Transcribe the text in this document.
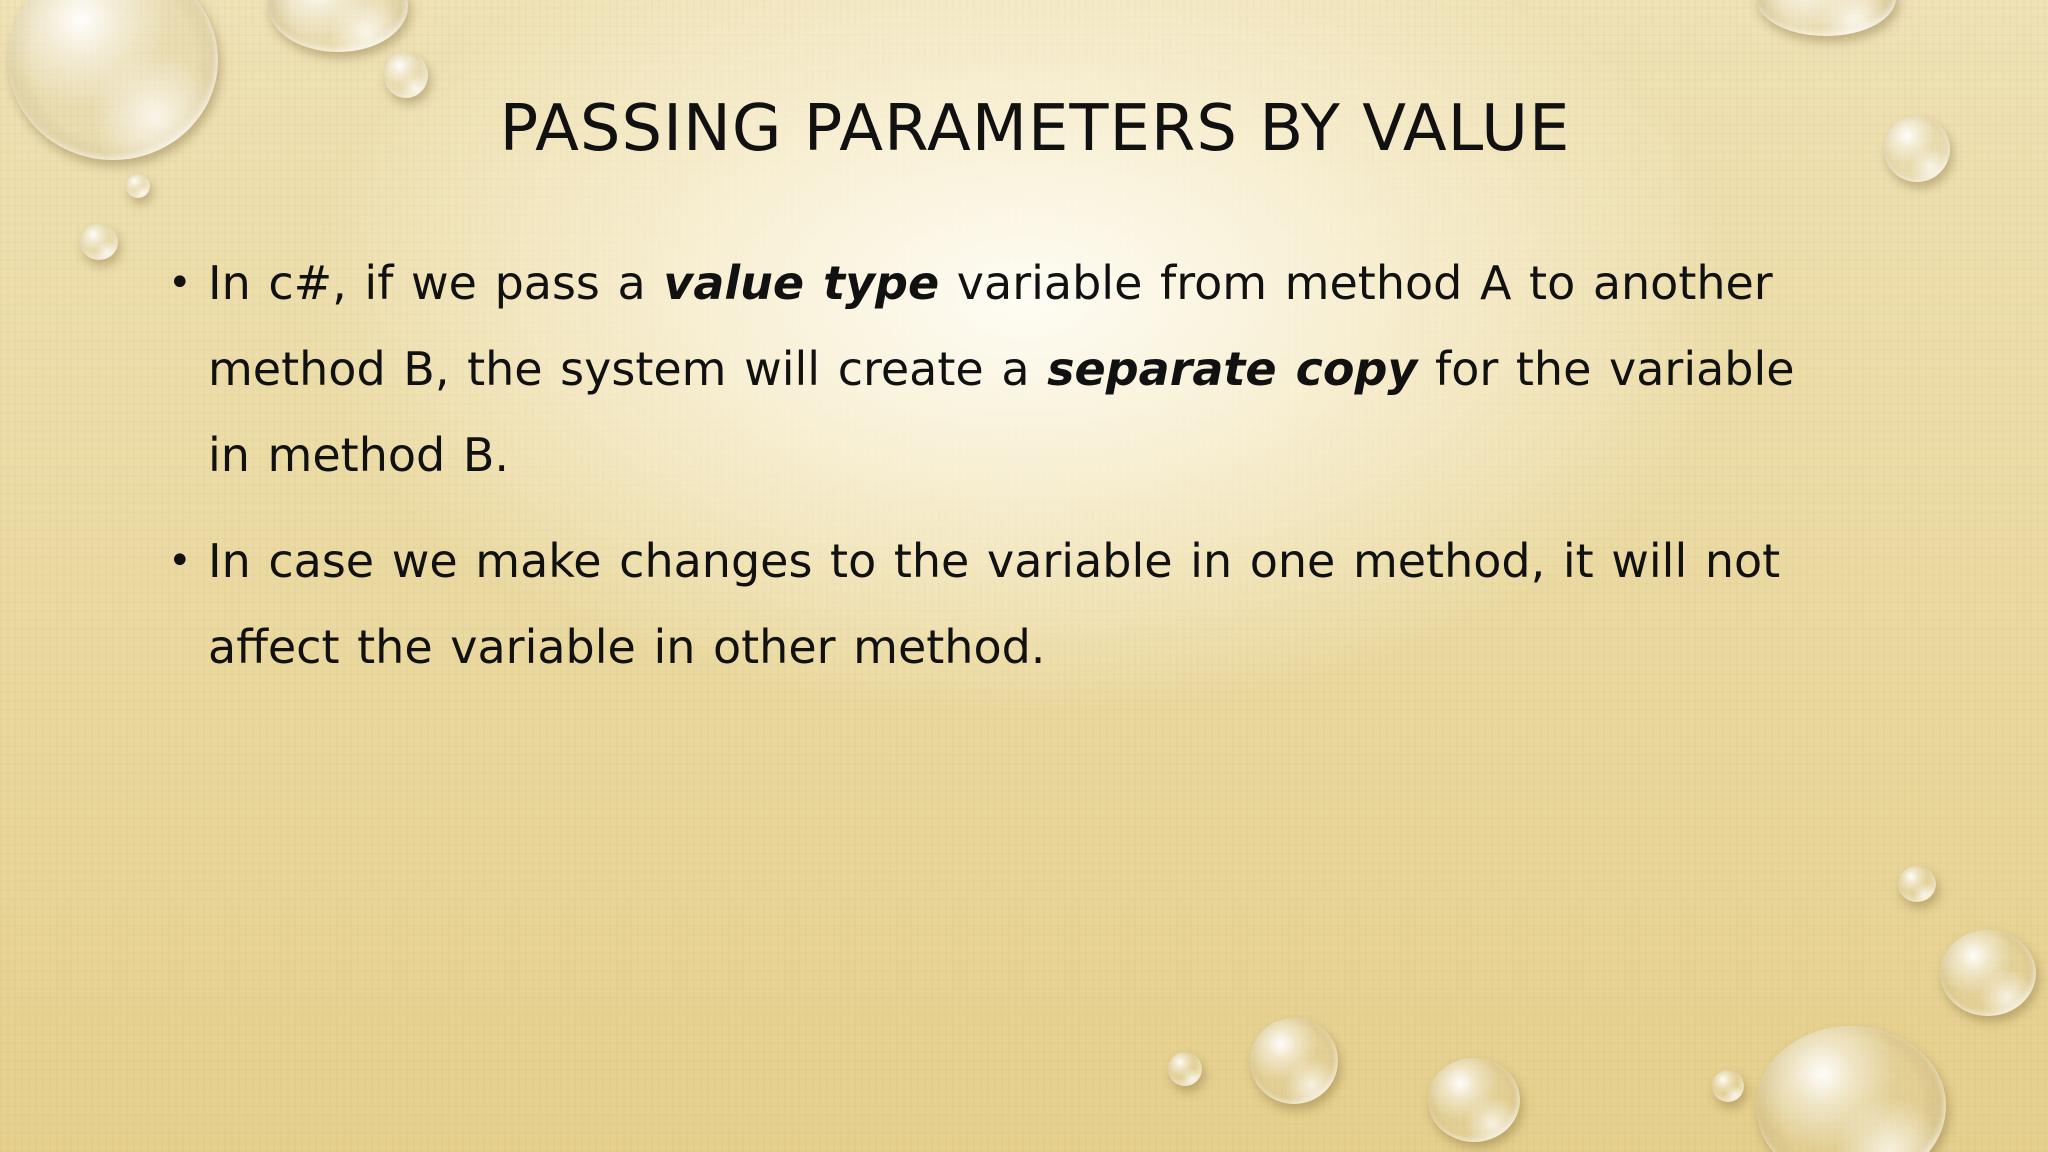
PASSING PARAMETERS BY VALUE
• In c#, if we pass a value type variable from method A to another method B, the system will create a separate copy for the variable in method B.
• In case we make changes to the variable in one method, it will not affect the variable in other method.
